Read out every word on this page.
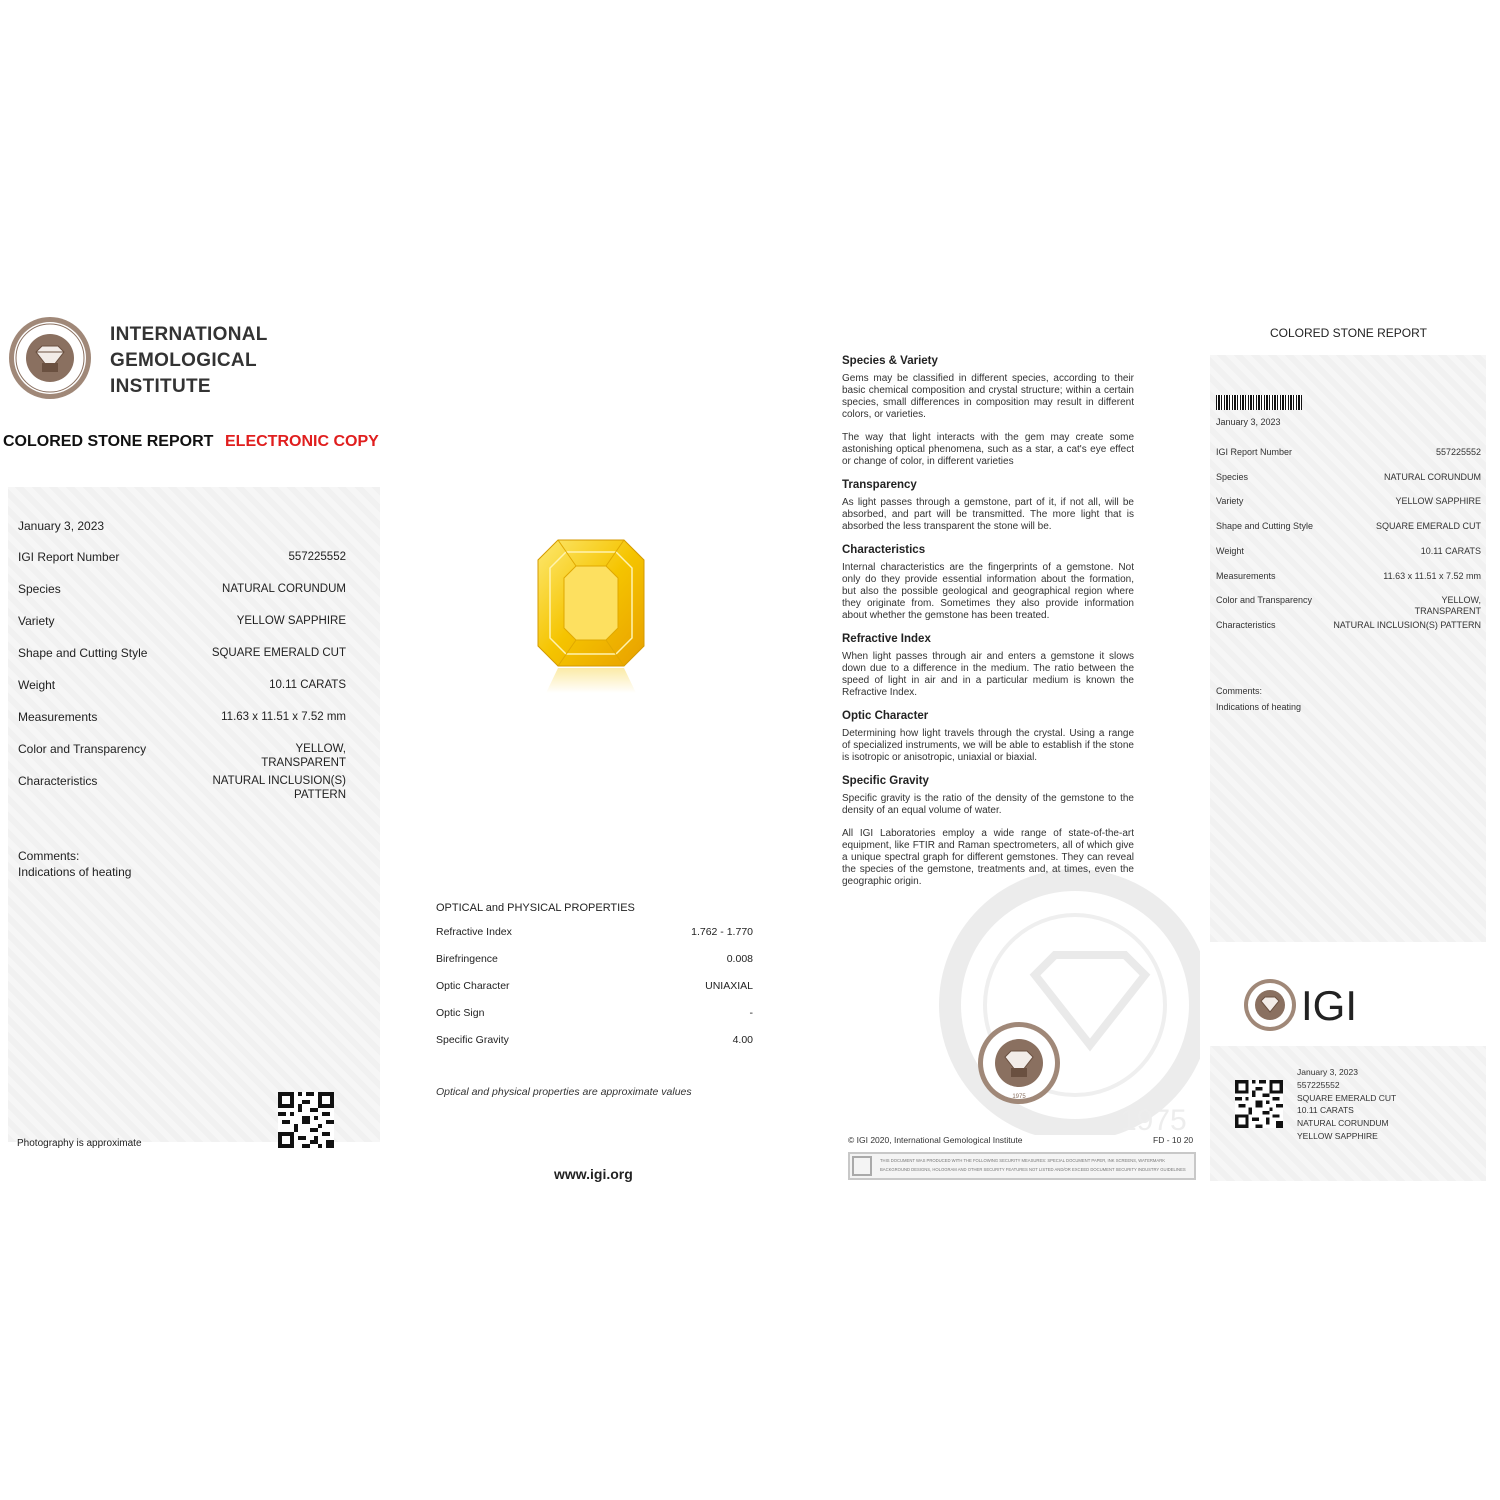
INTERNATIONAL
GEMOLOGICAL
INSTITUTE
COLORED STONE REPORT ELECTRONIC COPY
January 3, 2023
IGI Report Number	557225552
Species	NATURAL CORUNDUM
Variety	YELLOW SAPPHIRE
Shape and Cutting Style	SQUARE EMERALD CUT
Weight	10.11 CARATS
Measurements	11.63 x 11.51 x 7.52 mm
Color and Transparency	YELLOW,
TRANSPARENT
Characteristics	NATURAL INCLUSION(S)
PATTERN
Comments:
Indications of heating
Photography is approximate
OPTICAL and PHYSICAL PROPERTIES
Refractive Index	1.762 - 1.770
Birefringence	0.008
Optic Character	UNIAXIAL
Optic Sign	-
Specific Gravity	4.00
Optical and physical properties are approximate values
www.igi.org
1975
Species & Variety

Gems may be classified in different species, according to their basic chemical composition and crystal structure; within a certain species, small differences in composition may result in different colors, or varieties.

The way that light interacts with the gem may create some astonishing optical phenomena, such as a star, a cat's eye effect or change of color, in different varieties

Transparency

As light passes through a gemstone, part of it, if not all, will be absorbed, and part will be transmitted. The more light that is absorbed the less transparent the stone will be.

Characteristics

Internal characteristics are the fingerprints of a gemstone. Not only do they provide essential information about the formation, but also the possible geological and geographical region where they originate from. Sometimes they also provide information about whether the gemstone has been treated.

Refractive Index

When light passes through air and enters a gemstone it slows down due to a difference in the medium. The ratio between the speed of light in air and in a particular medium is known the Refractive Index.

Optic Character

Determining how light travels through the crystal. Using a range of specialized instruments, we will be able to establish if the stone is isotropic or anisotropic, uniaxial or biaxial.

Specific Gravity

Specific gravity is the ratio of the density of the gemstone to the density of an equal volume of water.

All IGI Laboratories employ a wide range of state-of-the-art equipment, like FTIR and Raman spectrometers, all of which give a unique spectral graph for different gemstones. They can reveal the species of the gemstone, treatments and, at times, even the geographic origin.

1975
© IGI 2020, International Gemological Institute	FD - 10 20
THIS DOCUMENT WAS PRODUCED WITH THE FOLLOWING SECURITY MEASURES: SPECIAL DOCUMENT PAPER, INK SCREENS, WATERMARK
BACKGROUND DESIGNS, HOLOGRAM AND OTHER SECURITY FEATURES NOT LISTED AND/OR EXCEED DOCUMENT SECURITY INDUSTRY GUIDELINES
COLORED STONE REPORT
January 3, 2023
IGI Report Number	557225552
Species	NATURAL CORUNDUM
Variety	YELLOW SAPPHIRE
Shape and Cutting Style	SQUARE EMERALD CUT
Weight	10.11 CARATS
Measurements	11.63 x 11.51 x 7.52 mm
Color and Transparency	YELLOW,
TRANSPARENT
Characteristics	NATURAL INCLUSION(S) PATTERN
Comments:
Indications of heating
IGI
January 3, 2023
557225552
SQUARE EMERALD CUT
10.11 CARATS
NATURAL CORUNDUM
YELLOW SAPPHIRE
